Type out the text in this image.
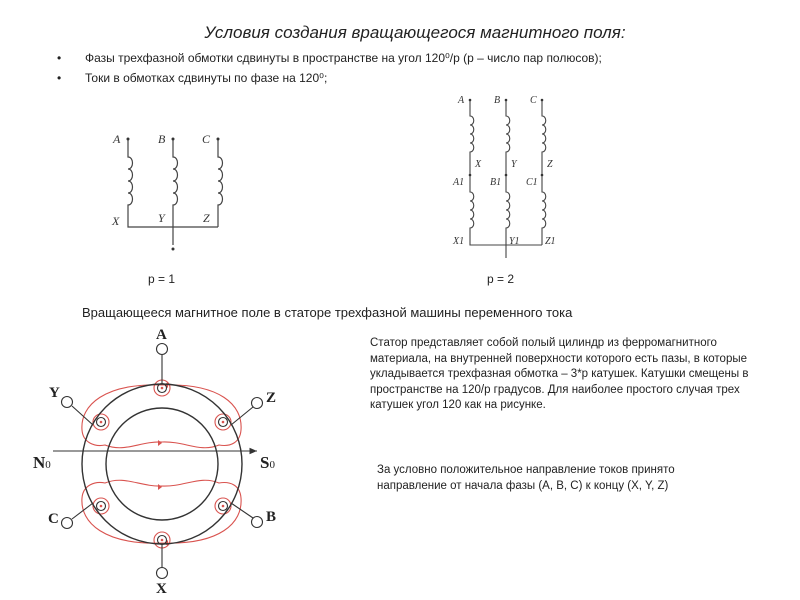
Условия создания вращающегося магнитного поля:
• Фазы трехфазной обмотки сдвинуты в пространстве на угол 120⁰/р (р – число пар полюсов);
• Токи в обмотках сдвинуты по фазе на 120⁰;
A	B	C
X	Y	Z
р = 1
A	B	C
X	Y	Z
A1	B1 C1
X1	Y1	Z1
р = 2
Вращающееся магнитное поле в статоре трехфазной машины переменного тока
A
Z
B
X
C
Y
N0	S0
Статор представляет собой полый цилиндр из ферромагнитного материала, на внутренней поверхности которого есть пазы, в которые укладывается трехфазная обмотка – 3*р катушек. Катушки смещены в пространстве на 120/р градусов. Для наиболее простого случая трех катушек угол 120 как на рисунке.
За условно положительное направление токов принято направление от начала фазы (А, В, С) к концу (X, Y, Z)
